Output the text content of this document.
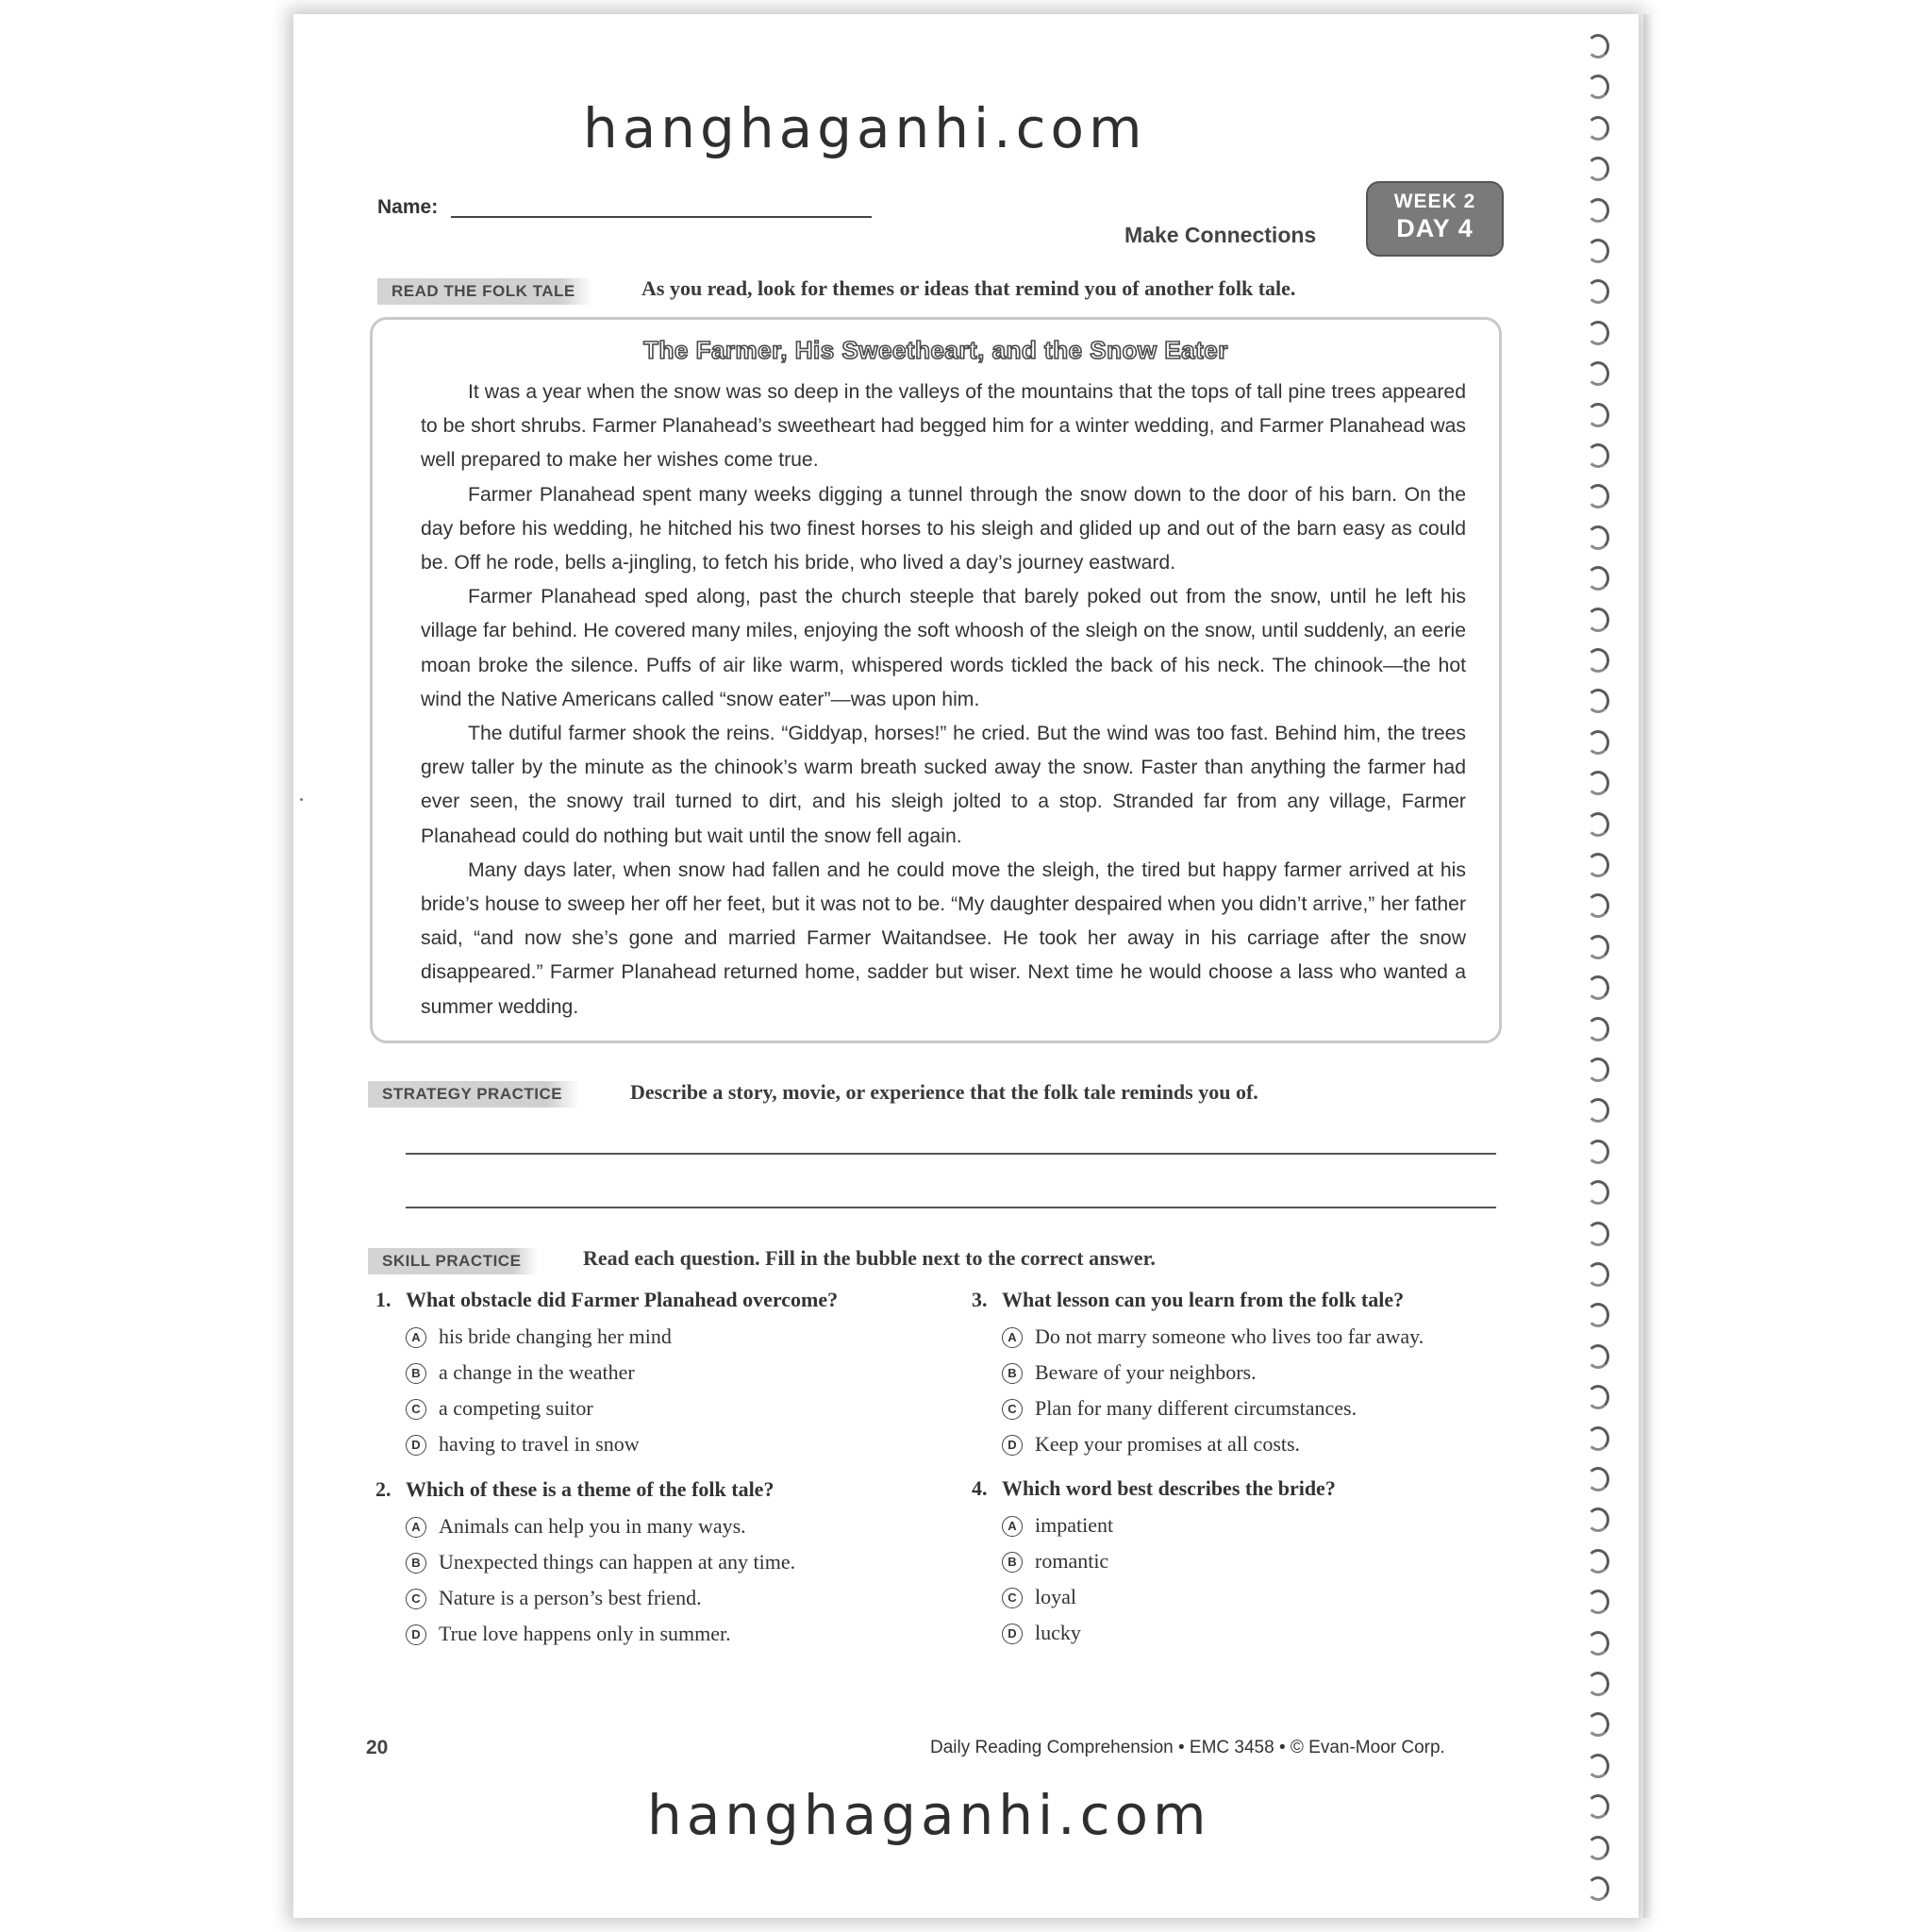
hanghaganhi.com
Name:
Make Connections
WEEK 2
DAY 4
READ THE FOLK TALE	As you read, look for themes or ideas that remind you of another folk tale.
The Farmer, His Sweetheart, and the Snow Eater

It was a year when the snow was so deep in the valleys of the mountains that the tops of tall pine trees appeared to be short shrubs. Farmer Planahead’s sweetheart had begged him for a winter wedding, and Farmer Planahead was well prepared to make her wishes come true.

Farmer Planahead spent many weeks digging a tunnel through the snow down to the door of his barn. On the day before his wedding, he hitched his two finest horses to his sleigh and glided up and out of the barn easy as could be. Off he rode, bells a-jingling, to fetch his bride, who lived a day’s journey eastward.

Farmer Planahead sped along, past the church steeple that barely poked out from the snow, until he left his village far behind. He covered many miles, enjoying the soft whoosh of the sleigh on the snow, until suddenly, an eerie moan broke the silence. Puffs of air like warm, whispered words tickled the back of his neck. The chinook—the hot wind the Native Americans called “snow eater”—was upon him.

The dutiful farmer shook the reins. “Giddyap, horses!” he cried. But the wind was too fast. Behind him, the trees grew taller by the minute as the chinook’s warm breath sucked away the snow. Faster than anything the farmer had ever seen, the snowy trail turned to dirt, and his sleigh jolted to a stop. Stranded far from any village, Farmer Planahead could do nothing but wait until the snow fell again.

Many days later, when snow had fallen and he could move the sleigh, the tired but happy farmer arrived at his bride’s house to sweep her off her feet, but it was not to be. “My daughter despaired when you didn’t arrive,” her father said, “and now she’s gone and married Farmer Waitandsee. He took her away in his carriage after the snow disappeared.” Farmer Planahead returned home, sadder but wiser. Next time he would choose a lass who wanted a summer wedding.

STRATEGY PRACTICE	Describe a story, movie, or experience that the folk tale reminds you of.
SKILL PRACTICE	Read each question. Fill in the bubble next to the correct answer.
1. What obstacle did Farmer Planahead overcome?
A his bride changing her mind
B a change in the weather
C a competing suitor
D having to travel in snow
2. Which of these is a theme of the folk tale?
A Animals can help you in many ways.
B Unexpected things can happen at any time.
C Nature is a person’s best friend.
D True love happens only in summer.
3. What lesson can you learn from the folk tale?
A Do not marry someone who lives too far away.
B Beware of your neighbors.
C Plan for many different circumstances.
D Keep your promises at all costs.
4. Which word best describes the bride?
A impatient
B romantic
C loyal
D lucky
20	Daily Reading Comprehension • EMC 3458 • © Evan-Moor Corp.
hanghaganhi.com
